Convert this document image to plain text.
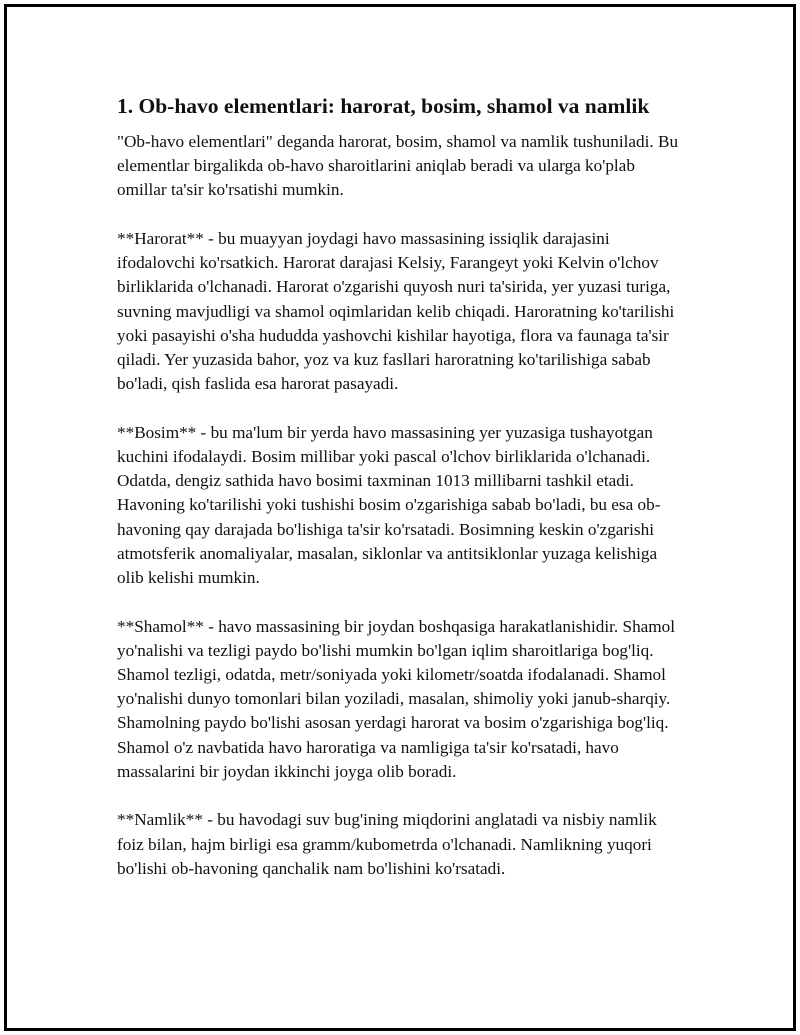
1. Ob-havo elementlari: harorat, bosim, shamol va namlik

"Ob-havo elementlari" deganda harorat, bosim, shamol va namlik tushuniladi. Bu elementlar birgalikda ob-havo sharoitlarini aniqlab beradi va ularga ko'plab omillar ta'sir ko'rsatishi mumkin.

**Harorat** - bu muayyan joydagi havo massasining issiqlik darajasini ifodalovchi ko'rsatkich. Harorat darajasi Kelsiy, Farangeyt yoki Kelvin o'lchov birliklarida o'lchanadi. Harorat o'zgarishi quyosh nuri ta'sirida, yer yuzasi turiga, suvning mavjudligi va shamol oqimlaridan kelib chiqadi. Haroratning ko'tarilishi yoki pasayishi o'sha hududda yashovchi kishilar hayotiga, flora va faunaga ta'sir qiladi. Yer yuzasida bahor, yoz va kuz fasllari haroratning ko'tarilishiga sabab bo'ladi, qish faslida esa harorat pasayadi.

**Bosim** - bu ma'lum bir yerda havo massasining yer yuzasiga tushayotgan kuchini ifodalaydi. Bosim millibar yoki pascal o'lchov birliklarida o'lchanadi. Odatda, dengiz sathida havo bosimi taxminan 1013 millibarni tashkil etadi. Havoning ko'tarilishi yoki tushishi bosim o'zgarishiga sabab bo'ladi, bu esa ob-havoning qay darajada bo'lishiga ta'sir ko'rsatadi. Bosimning keskin o'zgarishi atmotsferik anomaliyalar, masalan, siklonlar va antitsiklonlar yuzaga kelishiga olib kelishi mumkin.

**Shamol** - havo massasining bir joydan boshqasiga harakatlanishidir. Shamol yo'nalishi va tezligi paydo bo'lishi mumkin bo'lgan iqlim sharoitlariga bog'liq. Shamol tezligi, odatda, metr/soniyada yoki kilometr/soatda ifodalanadi. Shamol yo'nalishi dunyo tomonlari bilan yoziladi, masalan, shimoliy yoki janub-sharqiy. Shamolning paydo bo'lishi asosan yerdagi harorat va bosim o'zgarishiga bog'liq. Shamol o'z navbatida havo haroratiga va namligiga ta'sir ko'rsatadi, havo massalarini bir joydan ikkinchi joyga olib boradi.

**Namlik** - bu havodagi suv bug'ining miqdorini anglatadi va nisbiy namlik foiz bilan, hajm birligi esa gramm/kubometrda o'lchanadi. Namlikning yuqori bo'lishi ob-havoning qanchalik nam bo'lishini ko'rsatadi.
